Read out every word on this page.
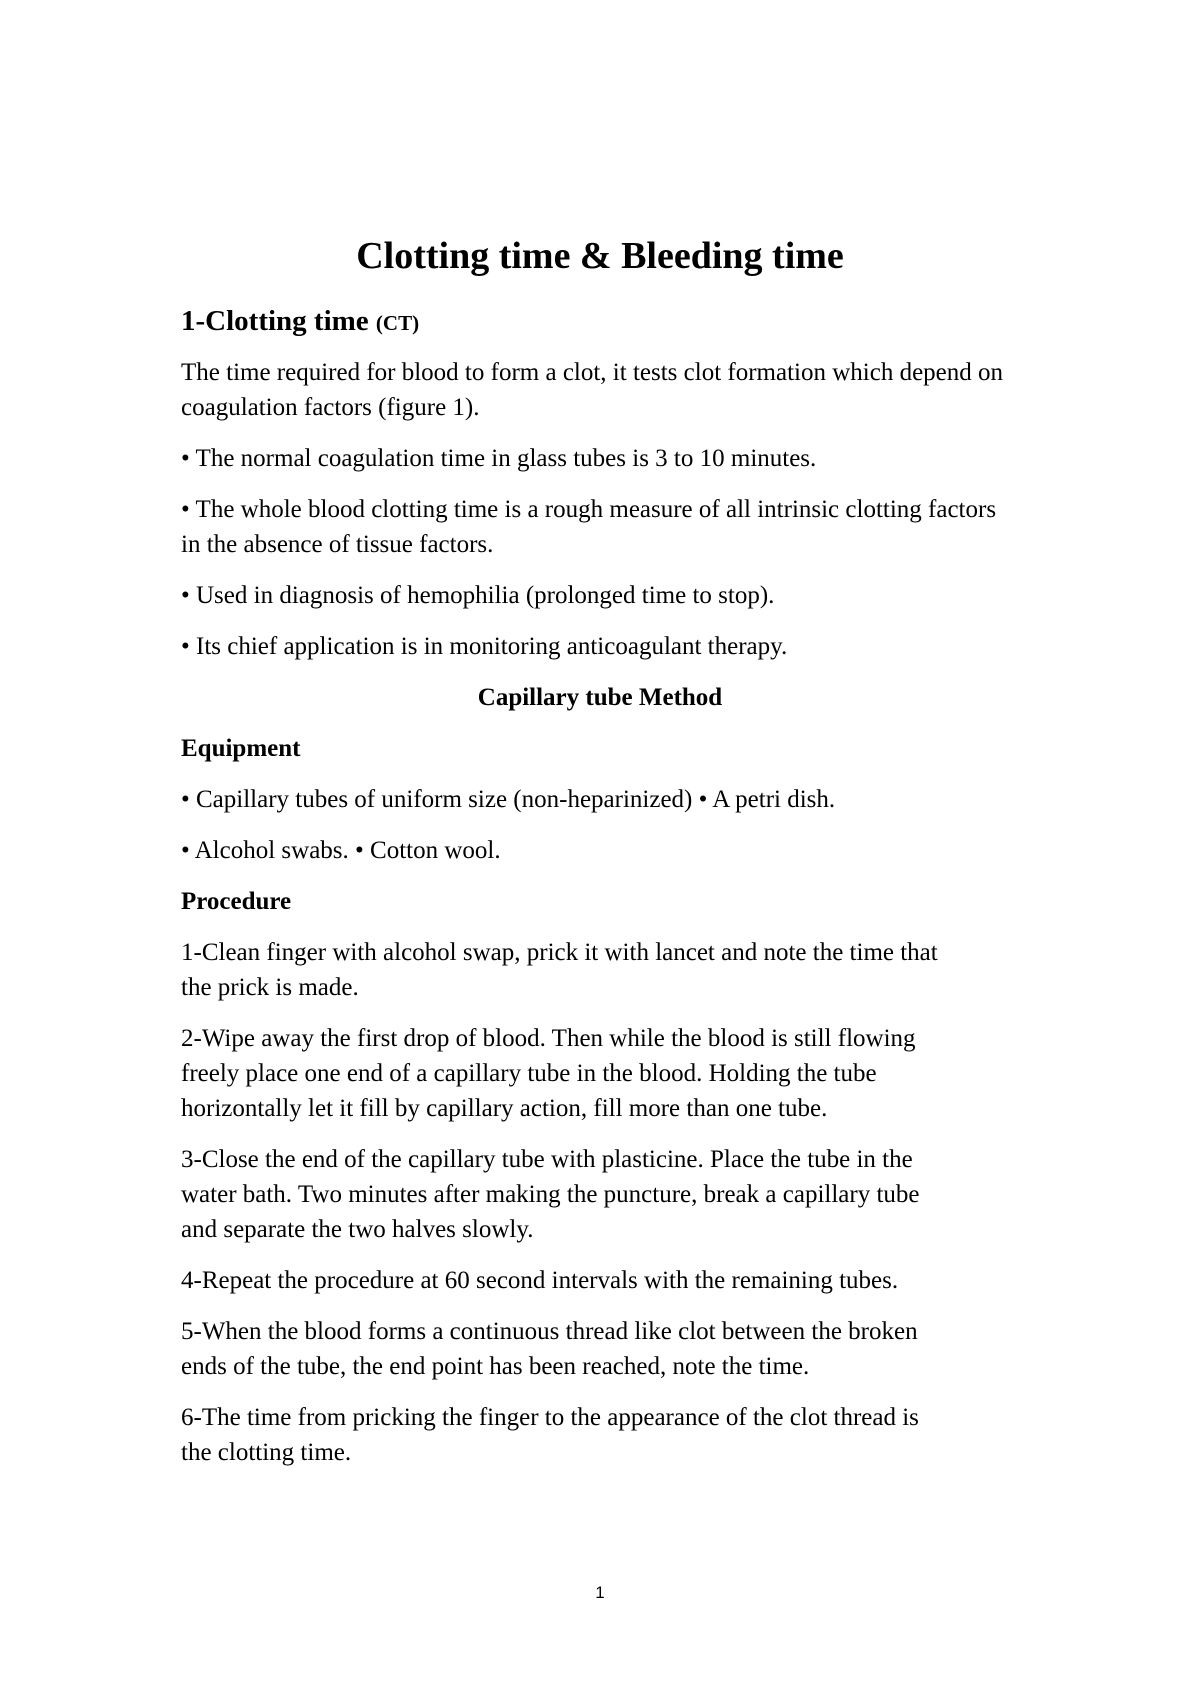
Clotting time & Bleeding time
1-Clotting time (CT)
The time required for blood to form a clot, it tests clot formation which depend on
coagulation factors (figure 1).
• The normal coagulation time in glass tubes is 3 to 10 minutes.
• The whole blood clotting time is a rough measure of all intrinsic clotting factors
in the absence of tissue factors.
• Used in diagnosis of hemophilia (prolonged time to stop).
• Its chief application is in monitoring anticoagulant therapy.
Capillary tube Method
Equipment
• Capillary tubes of uniform size (non-heparinized) • A petri dish.
• Alcohol swabs. • Cotton wool.
Procedure
1-Clean finger with alcohol swap, prick it with lancet and note the time that
the prick is made.
2-Wipe away the first drop of blood. Then while the blood is still flowing
freely place one end of a capillary tube in the blood. Holding the tube
horizontally let it fill by capillary action, fill more than one tube.
3-Close the end of the capillary tube with plasticine. Place the tube in the
water bath. Two minutes after making the puncture, break a capillary tube
and separate the two halves slowly.
4-Repeat the procedure at 60 second intervals with the remaining tubes.
5-When the blood forms a continuous thread like clot between the broken
ends of the tube, the end point has been reached, note the time.
6-The time from pricking the finger to the appearance of the clot thread is
the clotting time.
1
